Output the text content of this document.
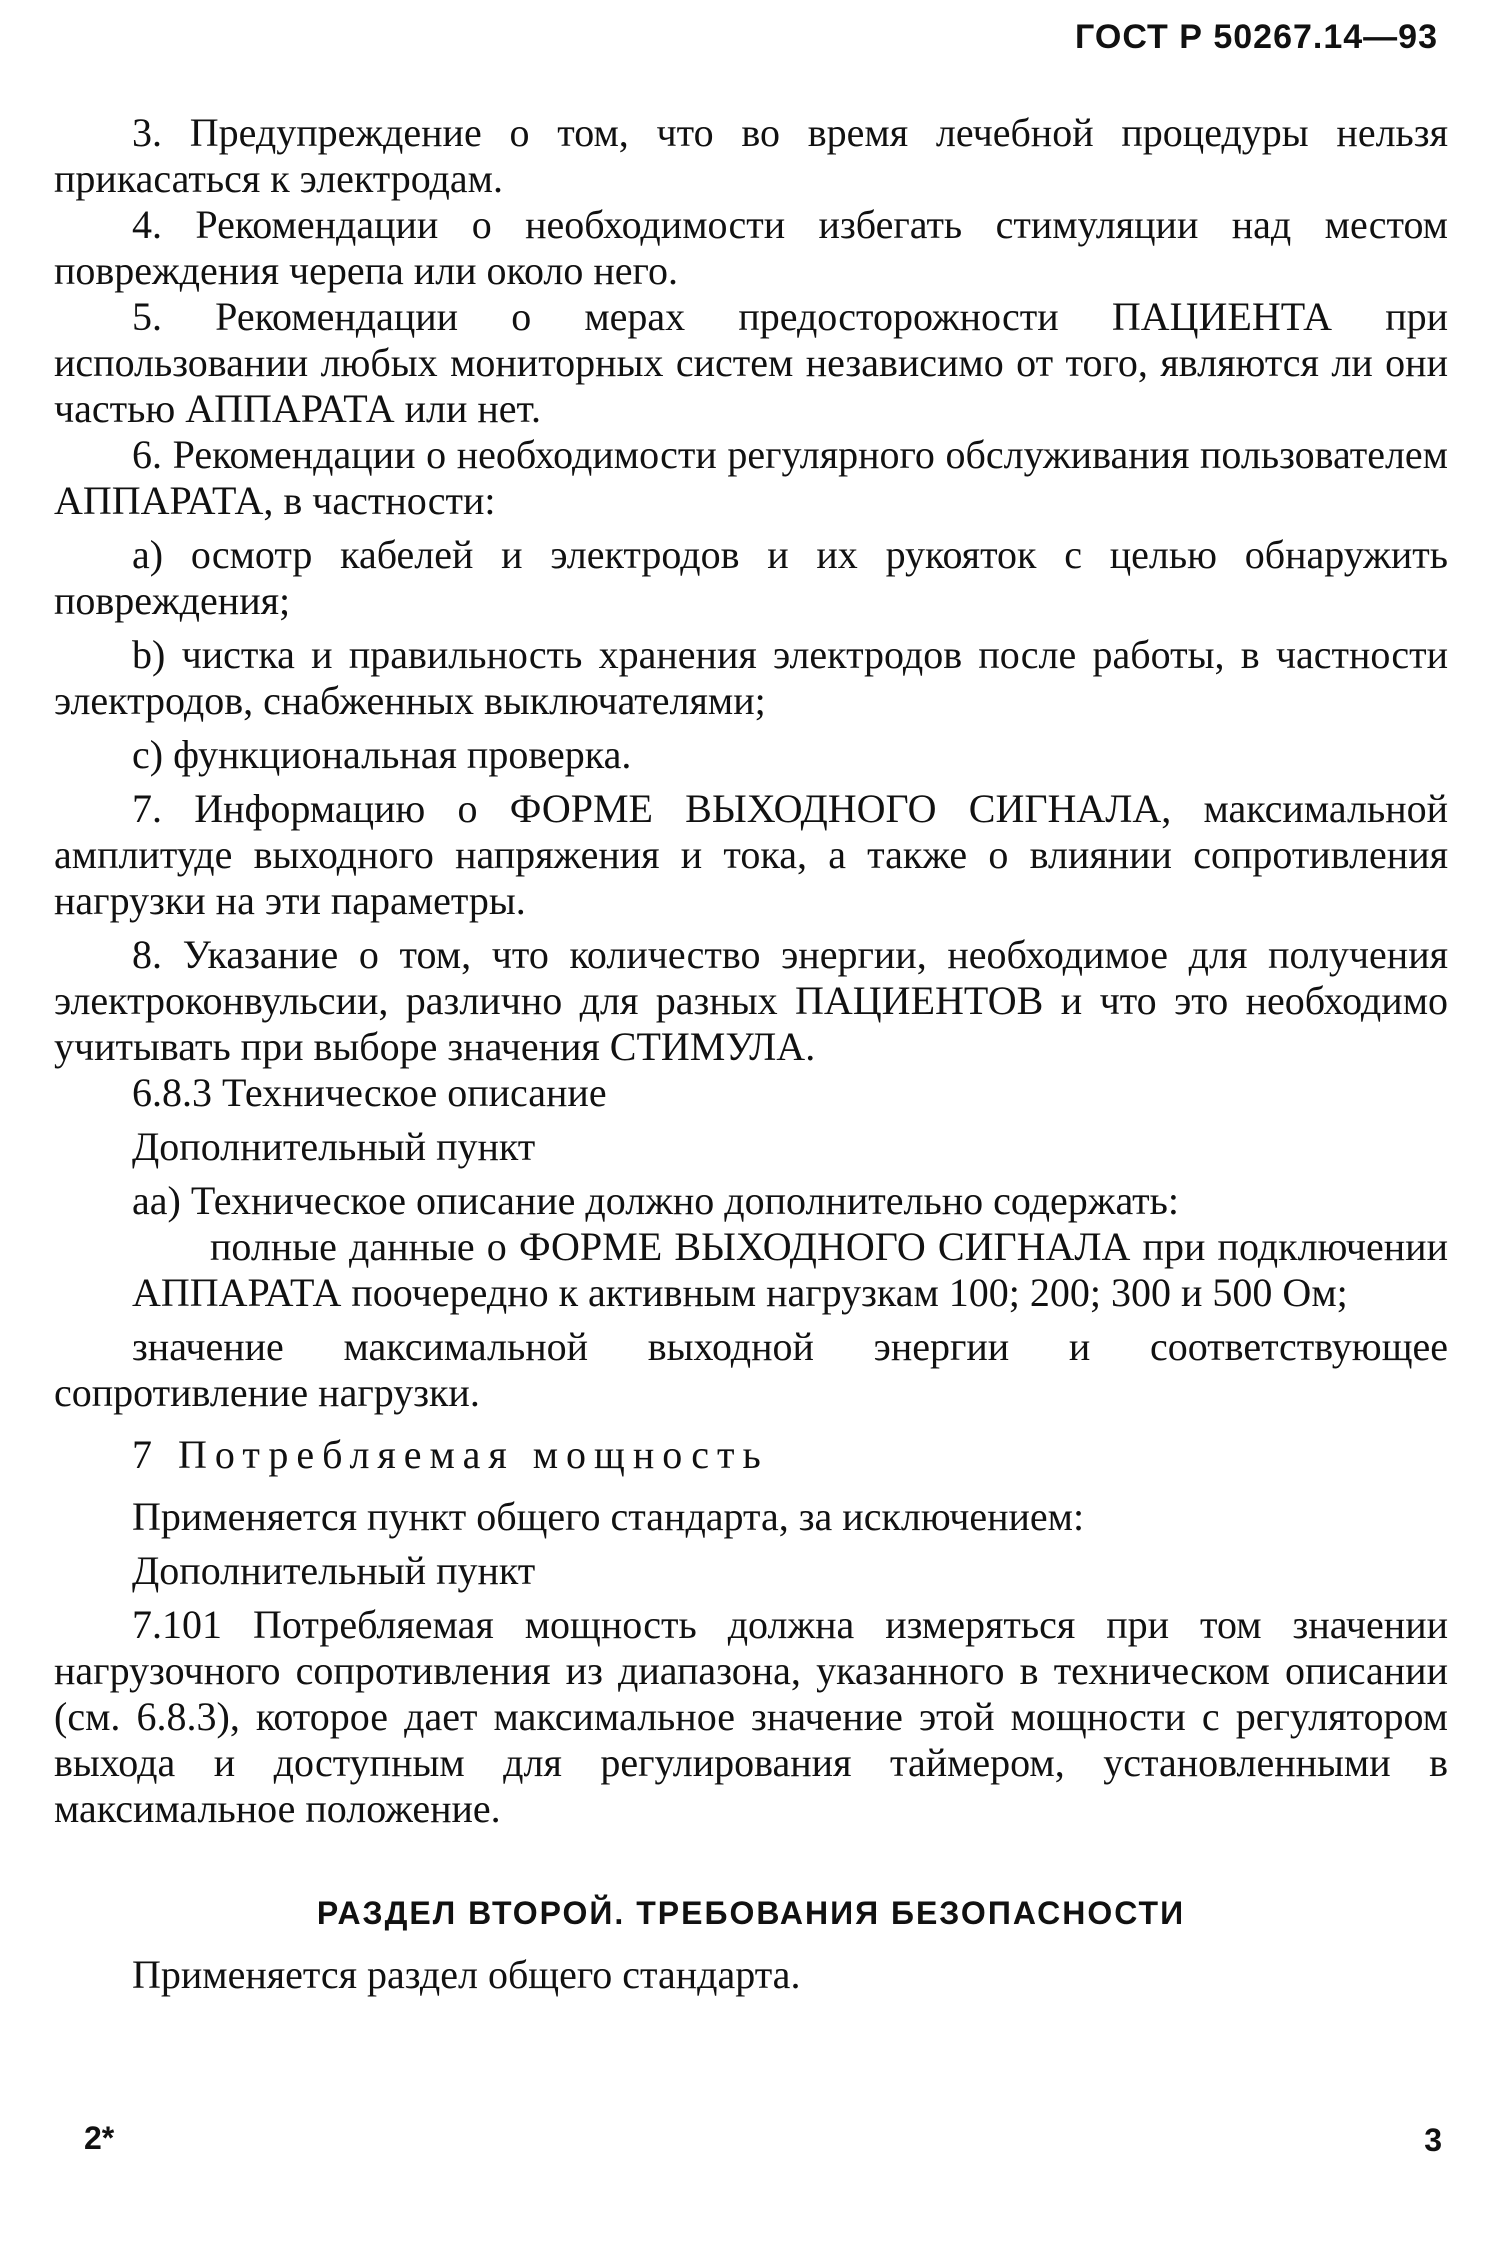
ГОСТ Р 50267.14—93

3. Предупреждение о том, что во время лечебной процедуры нельзя прикасаться к электродам.

4. Рекомендации о необходимости избегать стимуляции над местом повреждения черепа или около него.

5. Рекомендации о мерах предосторожности ПАЦИЕНТА при использовании любых мониторных систем независимо от того, являются ли они частью АППАРАТА или нет.

6. Рекомендации о необходимости регулярного обслуживания пользователем АППАРАТА, в частности:

а) осмотр кабелей и электродов и их рукояток с целью обнаружить повреждения;

b) чистка и правильность хранения электродов после работы, в частности электродов, снабженных выключателями;

с) функциональная проверка.

7. Информацию о ФОРМЕ ВЫХОДНОГО СИГНАЛА, максимальной амплитуде выходного напряжения и тока, а также о влиянии сопротивления нагрузки на эти параметры.

8. Указание о том, что количество энергии, необходимое для получения электроконвульсии, различно для разных ПАЦИЕНТОВ и что это необходимо учитывать при выборе значения СТИМУЛА.

6.8.3 Техническое описание

Дополнительный пункт

аа) Техническое описание должно дополнительно содержать:

полные данные о ФОРМЕ ВЫХОДНОГО СИГНАЛА при подключении АППАРАТА поочередно к активным нагрузкам 100; 200; 300 и 500 Ом;

значение максимальной выходной энергии и соответствующее сопротивление нагрузки.

7 Потребляемая мощность

Применяется пункт общего стандарта, за исключением:

Дополнительный пункт

7.101 Потребляемая мощность должна измеряться при том значении нагрузочного сопротивления из диапазона, указанного в техническом описании (см. 6.8.3), которое дает максимальное значение этой мощности с регулятором выхода и доступным для регулирования таймером, установленными в максимальное положение.

РАЗДЕЛ ВТОРОЙ. ТРЕБОВАНИЯ БЕЗОПАСНОСТИ

Применяется раздел общего стандарта.

2*	3
